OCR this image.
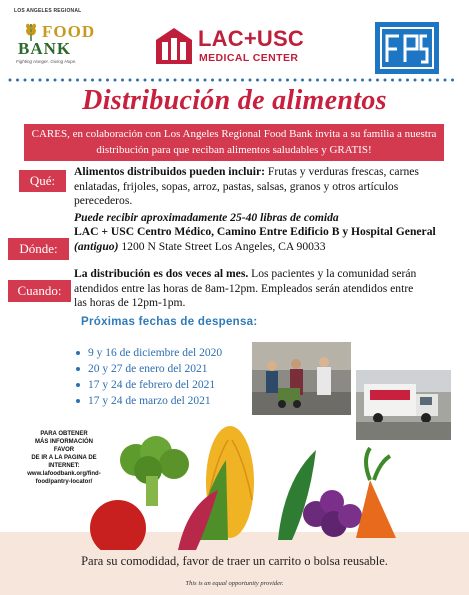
LOS ANGELES REGIONAL
FOOD
BANK
Fighting Hunger. Giving Hope.
LAC+USC
MEDICAL CENTER
Distribución de alimentos
CARES, en colaboración con Los Angeles Regional Food Bank invita a su familia a nuestra
distribución para que reciban alimentos saludables y GRATIS!
Qué:
Alimentos distribuidos pueden incluir: Frutas y verduras frescas, carnes
enlatadas, frijoles, sopas, arroz, pastas, salsas, granos y otros artículos
perecederos.
Puede recibir aproximadamente 25-40 libras de comida
Dónde:
LAC + USC Centro Médico, Camino Entre Edificio B y Hospital General
(antiguo) 1200 N State Street Los Angeles, CA 90033
Cuando:
La distribución es dos veces al mes. Los pacientes y la comunidad serán
atendidos entre las horas de 8am-12pm. Empleados serán atendidos entre
las horas de 12pm-1pm.
Próximas fechas de despensa:
9 y 16 de diciembre del 2020
20 y 27 de enero del 2021
17 y 24 de febrero del 2021
17 y 24 de marzo del 2021
PARA OBTENER
MÁS INFORMACIÓN
FAVOR
DE IR A LA PAGINA DE
INTERNET:
www.lafoodbank.org/find-
food/pantry-locator/
Para su comodidad, favor de traer un carrito o bolsa reusable.
This is an equal opportunity provider.
